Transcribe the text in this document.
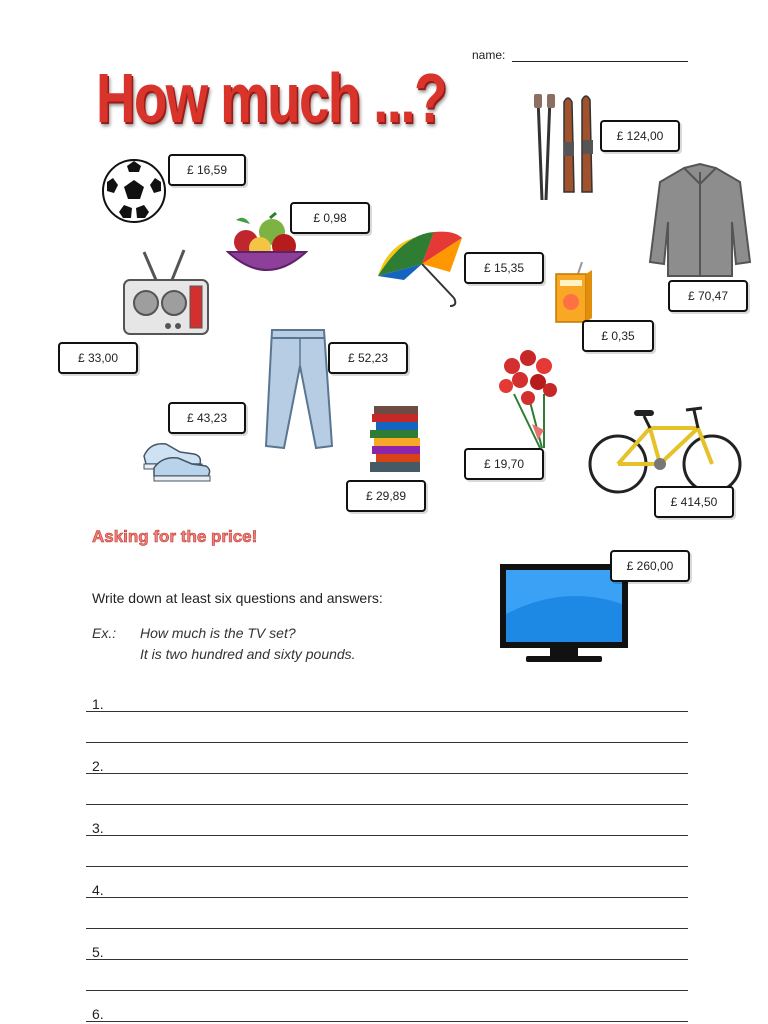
name:
How much ...?
£ 16,59
£ 0,98
£ 124,00
£ 15,35
£ 70,47
£ 0,35
£ 33,00	£ 52,23
£ 43,23
£ 29,89
£ 19,70
£ 414,50
£ 260,00
Asking for the price!
Write down at least six questions and answers:
Ex.: How much is the TV set?
It is two hundred and sixty pounds.
1.
2.
3.
4.
5.
6.
